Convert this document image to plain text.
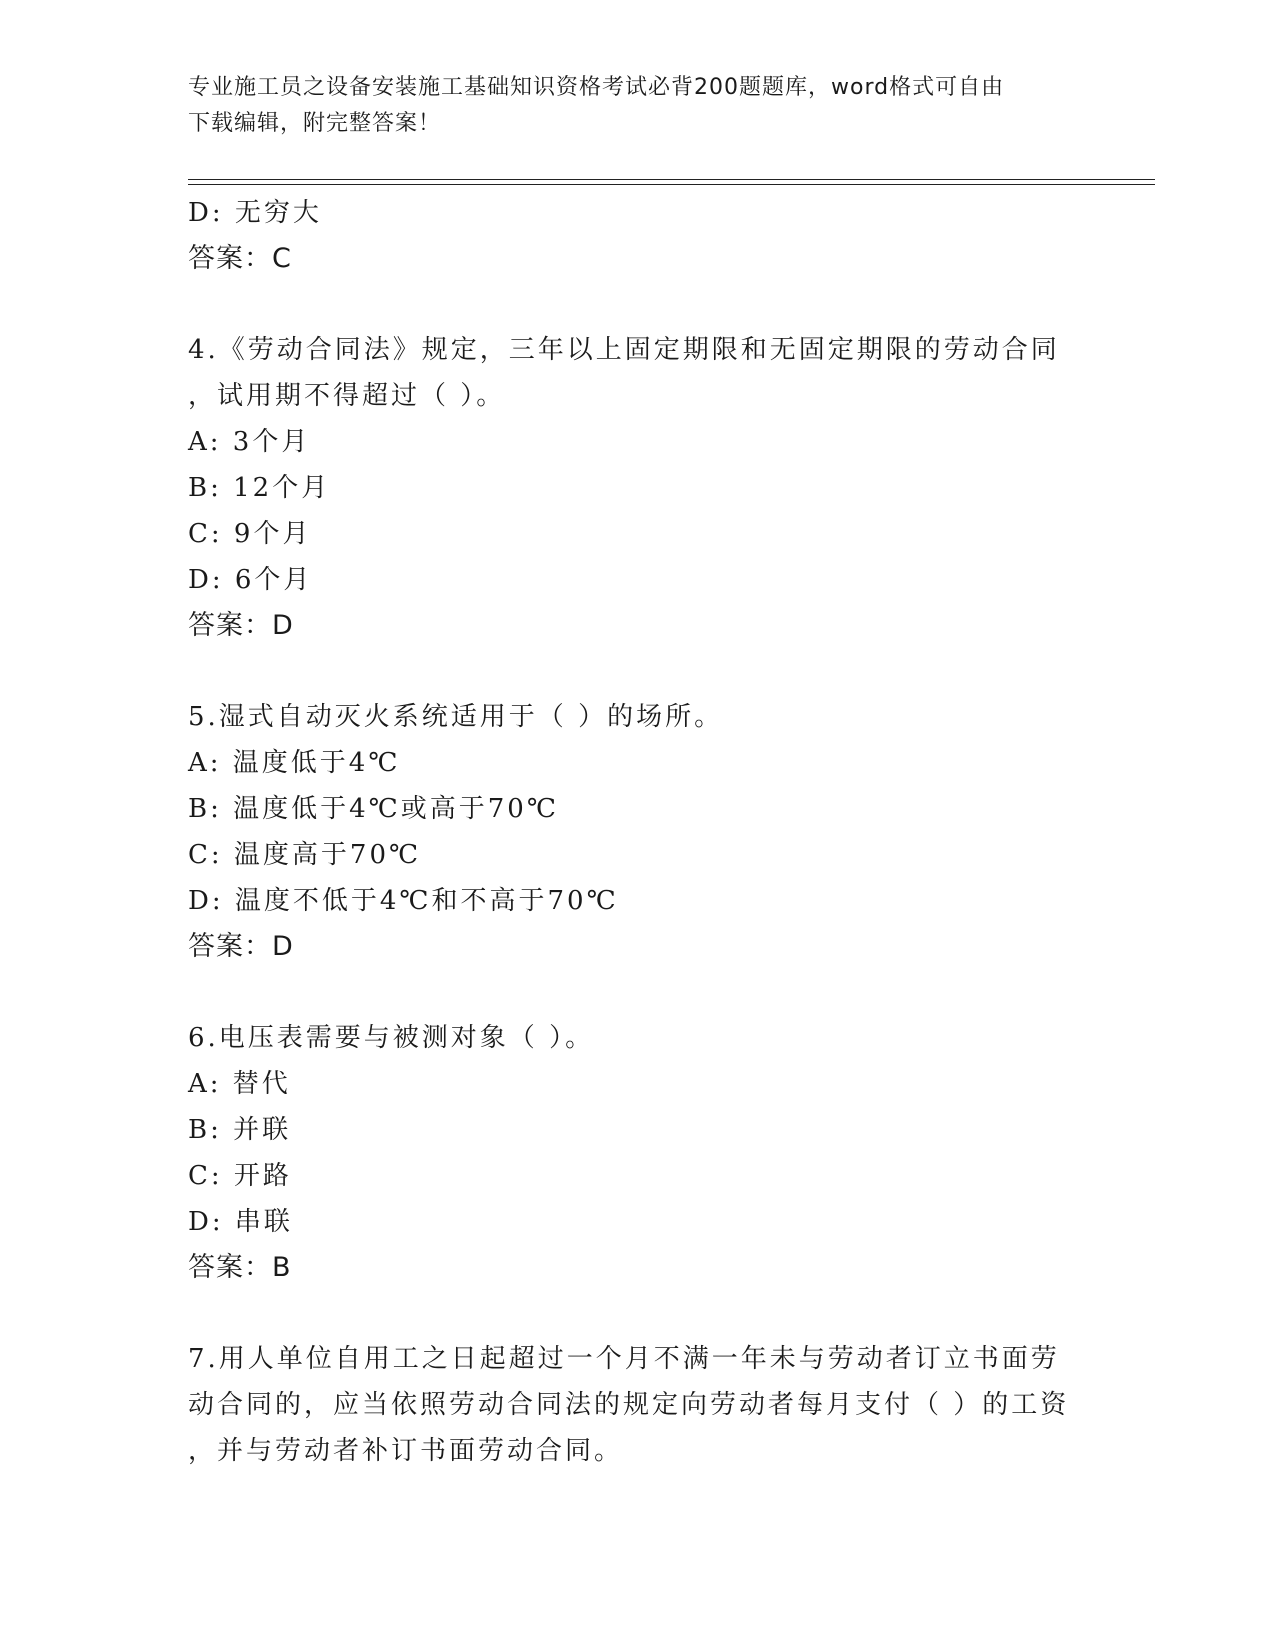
专业施工员之设备安装施工基础知识资格考试必背200题题库，word格式可自由
下载编辑，附完整答案！
D: 无穷大
答案：C
4.《劳动合同法》规定，三年以上固定期限和无固定期限的劳动合同
，试用期不得超过（ ）。
A: 3个月
B: 12个月
C: 9个月
D: 6个月
答案：D
5.湿式自动灭火系统适用于（ ）的场所。
A: 温度低于4℃
B: 温度低于4℃或高于70℃
C: 温度高于70℃
D: 温度不低于4℃和不高于70℃
答案：D
6.电压表需要与被测对象（ ）。
A: 替代
B: 并联
C: 开路
D: 串联
答案：B
7.用人单位自用工之日起超过一个月不满一年未与劳动者订立书面劳
动合同的，应当依照劳动合同法的规定向劳动者每月支付（ ）的工资
，并与劳动者补订书面劳动合同。
